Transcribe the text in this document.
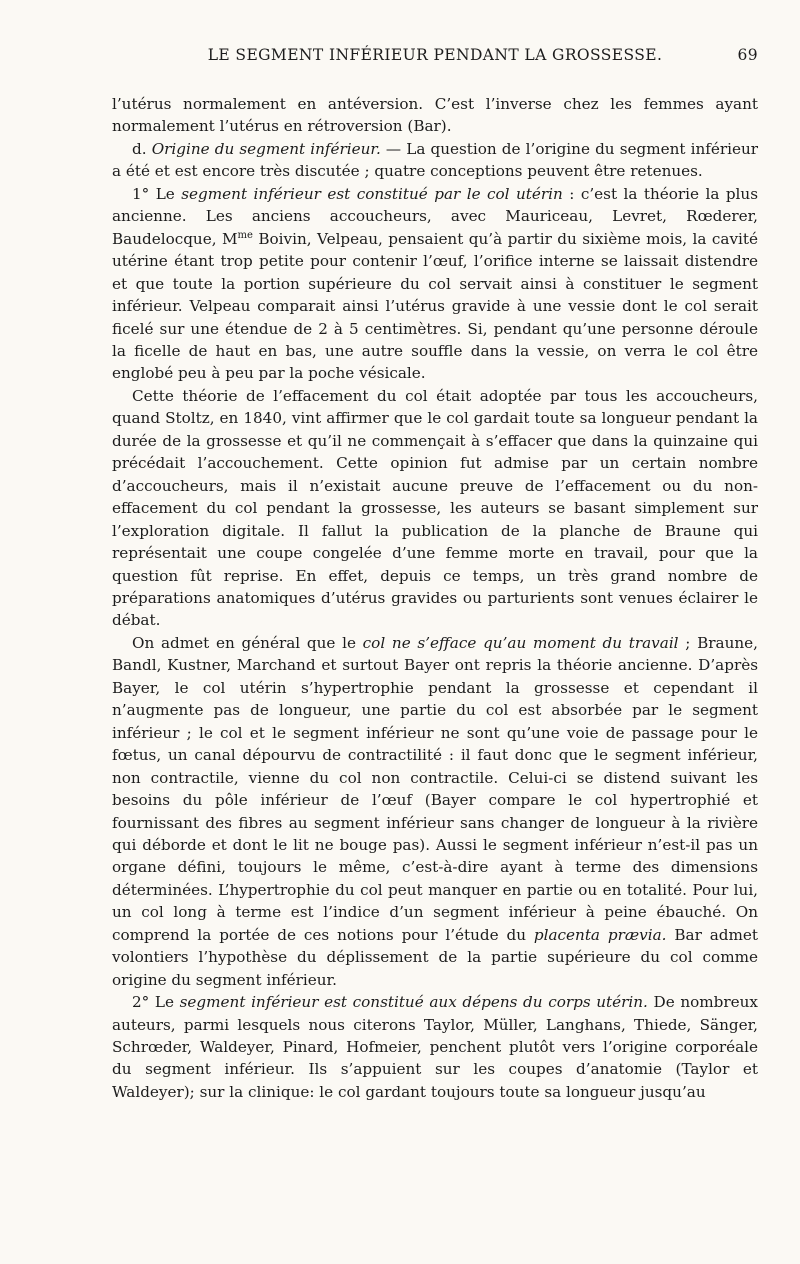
LE SEGMENT INFÉRIEUR PENDANT LA GROSSESSE.	69

l’utérus normalement en antéversion. C’est l’inverse chez les femmes ayant normalement l’utérus en rétroversion (Bar).

d. Origine du segment inférieur. — La question de l’origine du segment inférieur a été et est encore très discutée ; quatre conceptions peuvent être retenues.

1° Le segment inférieur est constitué par le col utérin : c’est la théorie la plus ancienne. Les anciens accoucheurs, avec Mauriceau, Levret, Rœderer, Baudelocque, $M^{me}$ Boivin, Velpeau, pensaient qu’à partir du sixième mois, la cavité utérine étant trop petite pour contenir l’œuf, l’orifice interne se laissait distendre et que toute la portion supérieure du col servait ainsi à constituer le segment inférieur. Velpeau comparait ainsi l’utérus gravide à une vessie dont le col serait ficelé sur une étendue de 2 à 5 centimètres. Si, pendant qu’une personne déroule la ficelle de haut en bas, une autre souffle dans la vessie, on verra le col être englobé peu à peu par la poche vésicale.

Cette théorie de l’effacement du col était adoptée par tous les accoucheurs, quand Stoltz, en 1840, vint affirmer que le col gardait toute sa longueur pendant la durée de la grossesse et qu’il ne commençait à s’effacer que dans la quinzaine qui précédait l’accouchement. Cette opinion fut admise par un certain nombre d’accoucheurs, mais il n’existait aucune preuve de l’effacement ou du non-effacement du col pendant la grossesse, les auteurs se basant simplement sur l’exploration digitale. Il fallut la publication de la planche de Braune qui représentait une coupe congelée d’une femme morte en travail, pour que la question fût reprise. En effet, depuis ce temps, un très grand nombre de préparations anatomiques d’utérus gravides ou parturients sont venues éclairer le débat.

On admet en général que le col ne s’efface qu’au moment du travail ; Braune, Bandl, Kustner, Marchand et surtout Bayer ont repris la théorie ancienne. D’après Bayer, le col utérin s’hypertrophie pendant la grossesse et cependant il n’augmente pas de longueur, une partie du col est absorbée par le segment inférieur ; le col et le segment inférieur ne sont qu’une voie de passage pour le fœtus, un canal dépourvu de contractilité : il faut donc que le segment inférieur, non contractile, vienne du col non contractile. Celui-ci se distend suivant les besoins du pôle inférieur de l’œuf (Bayer compare le col hypertrophié et fournissant des fibres au segment inférieur sans changer de longueur à la rivière qui déborde et dont le lit ne bouge pas). Aussi le segment inférieur n’est-il pas un organe défini, toujours le même, c’est-à-dire ayant à terme des dimensions déterminées. L’hypertrophie du col peut manquer en partie ou en totalité. Pour lui, un col long à terme est l’indice d’un segment inférieur à peine ébauché. On comprend la portée de ces notions pour l’étude du placenta prævia. Bar admet volontiers l’hypothèse du déplissement de la partie supérieure du col comme origine du segment inférieur.

2° Le segment inférieur est constitué aux dépens du corps utérin. De nombreux auteurs, parmi lesquels nous citerons Taylor, Müller, Langhans, Thiede, Sänger, Schrœder, Waldeyer, Pinard, Hofmeier, penchent plutôt vers l’origine corporéale du segment inférieur. Ils s’appuient sur les coupes d’anatomie (Taylor et Waldeyer); sur la clinique: le col gardant toujours toute sa longueur jusqu’au
